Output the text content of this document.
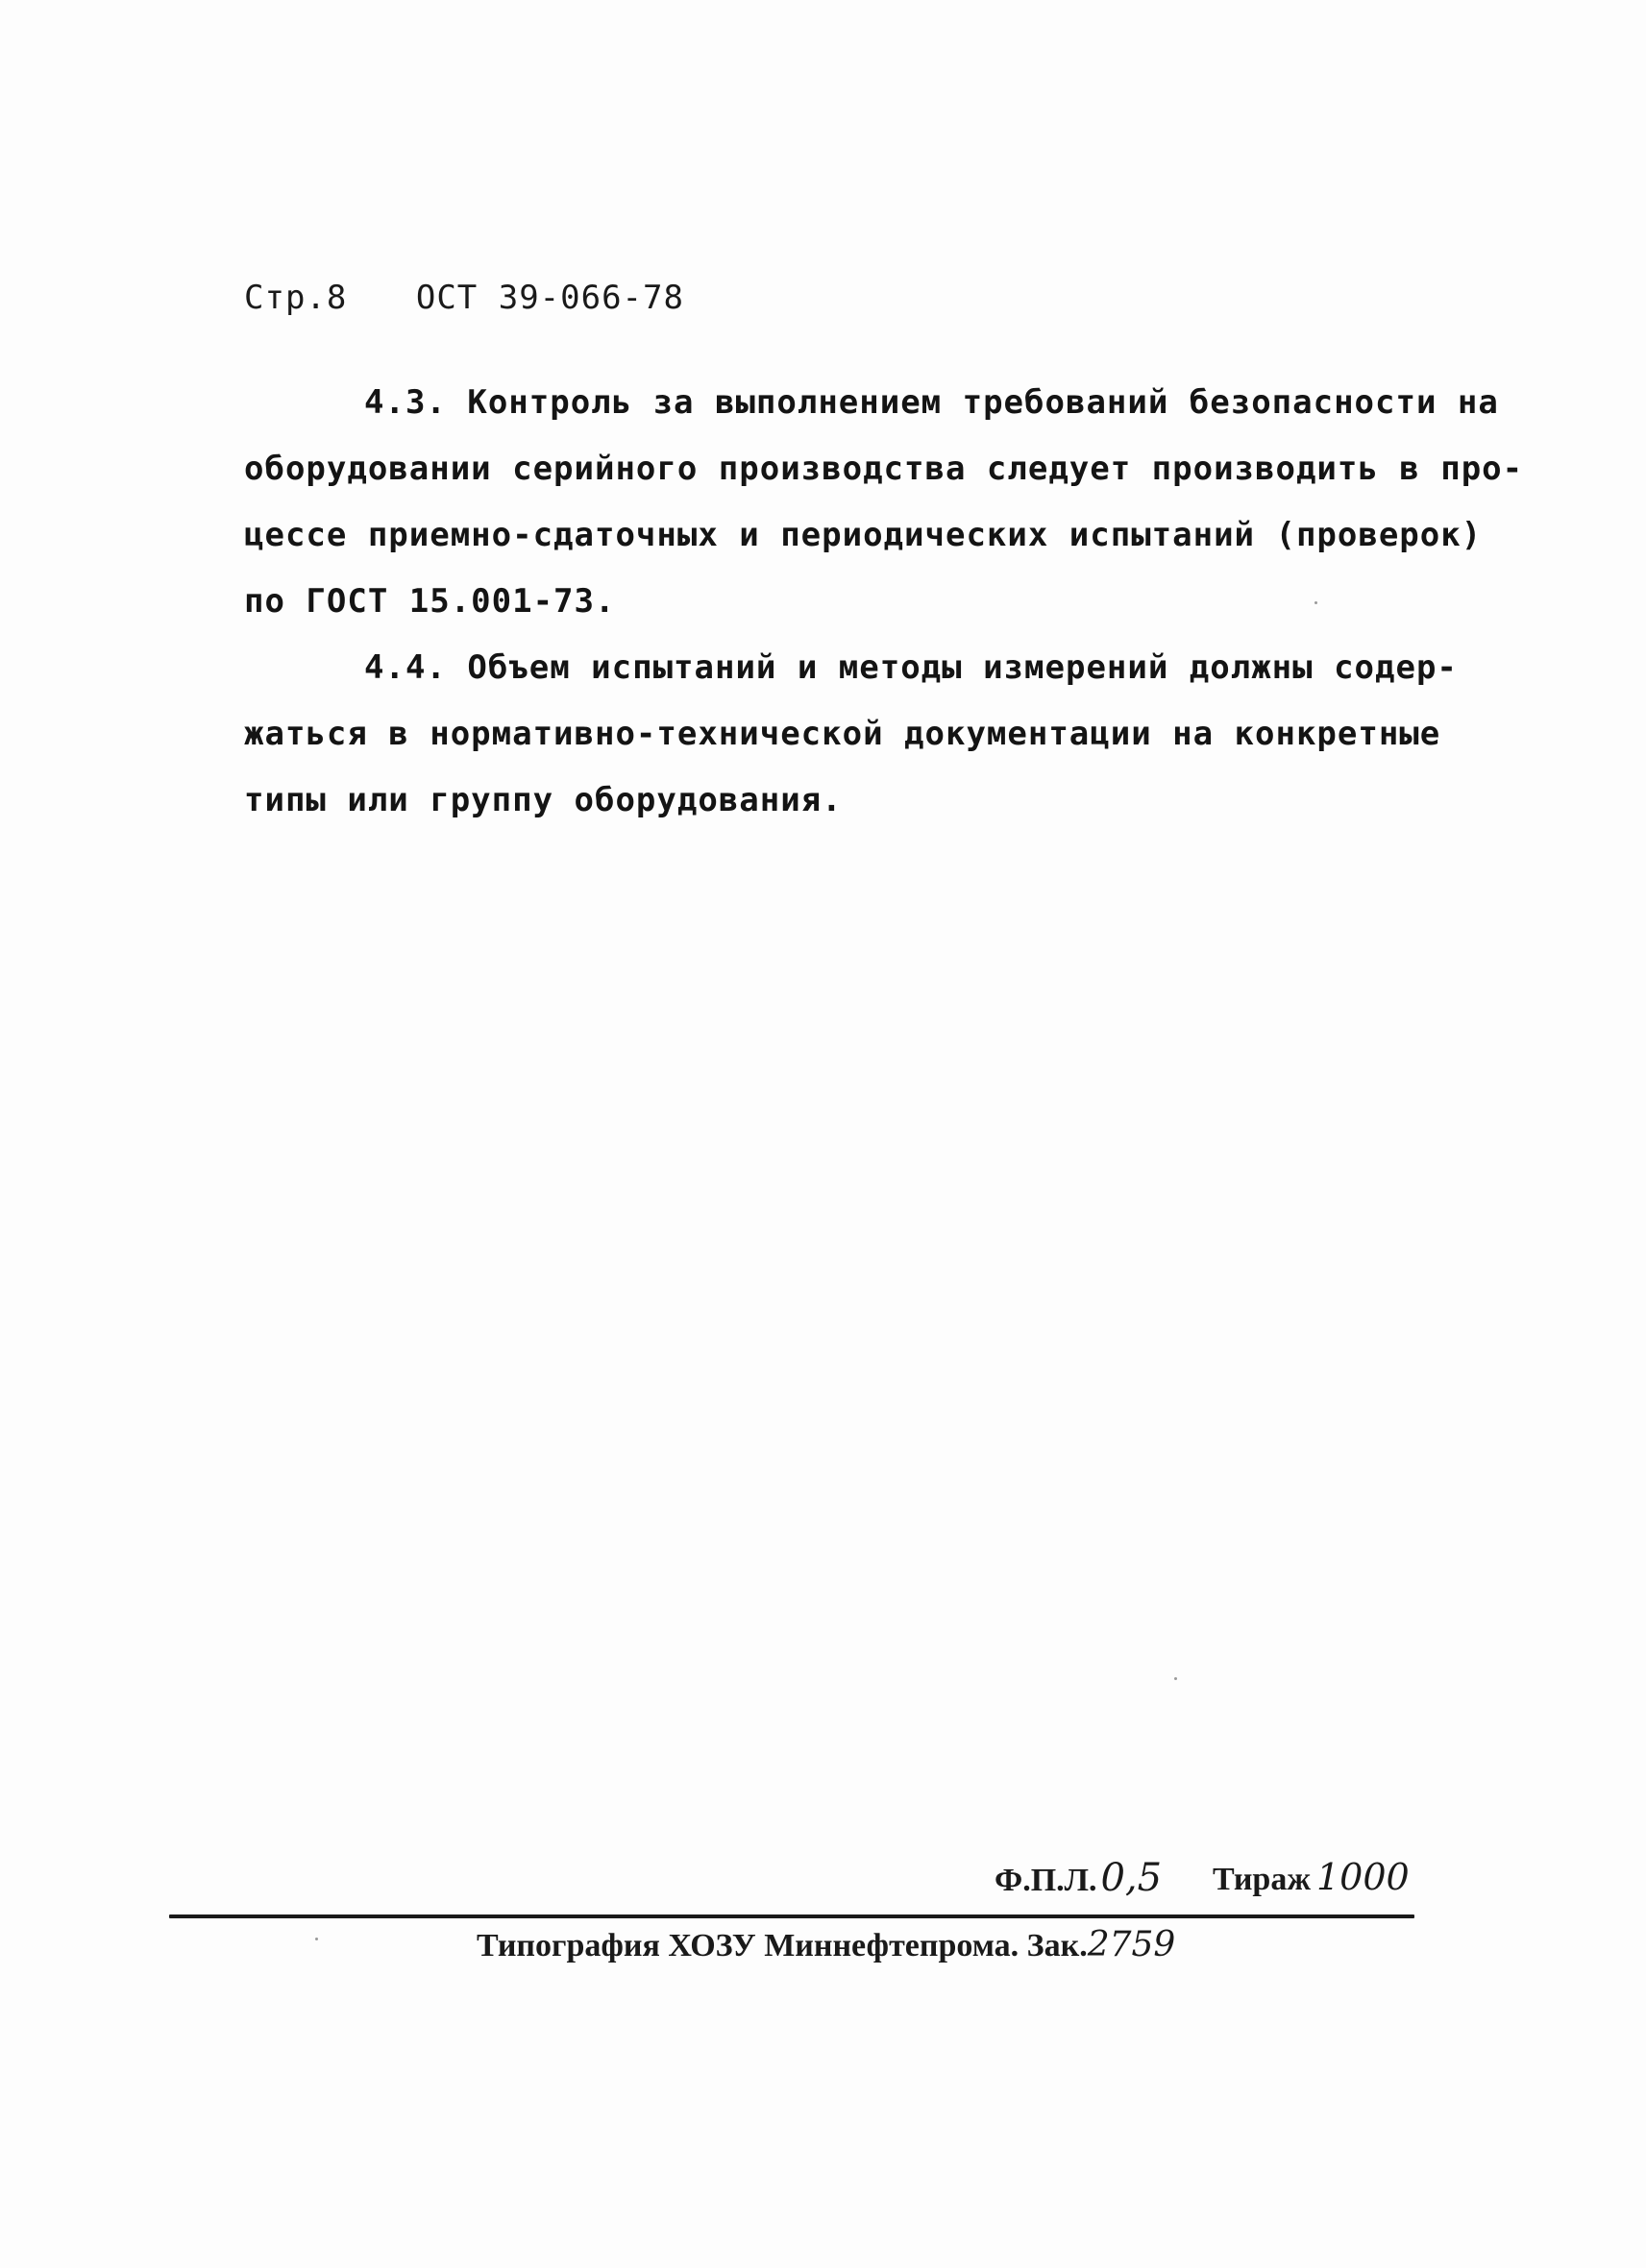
Стр.8 ОСТ 39-066-78
4.3. Контроль за выполнением требований безопасности на
оборудовании серийного производства следует производить в про-
цессе приемно-сдаточных и периодических испытаний (проверок)
по ГОСТ 15.001-73.
4.4. Объем испытаний и методы измерений должны содер-
жаться в нормативно-технической документации на конкретные
типы или группу оборудования.
Ф.П.Л. 0,5 Тираж 1000
Типография ХОЗУ Миннефтепрома. Зак.2759
